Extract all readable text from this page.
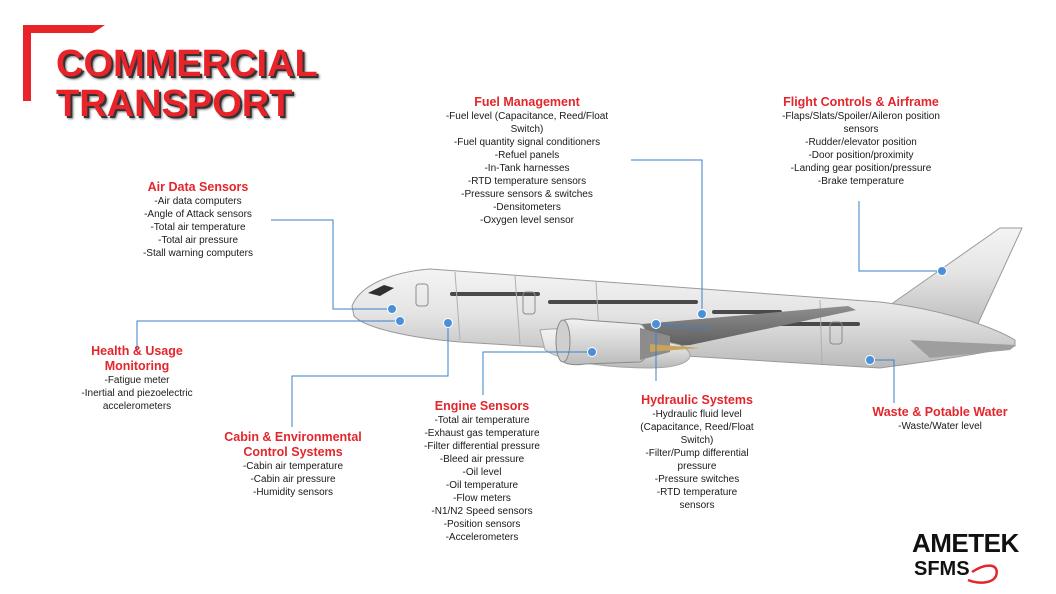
COMMERCIAL
TRANSPORT	Fuel Management
-Fuel level (Capacitance, Reed/Float
Switch)
-Fuel quantity signal conditioners
-Refuel panels
-In-Tank harnesses
-RTD temperature sensors
-Pressure sensors & switches
-Densitometers
-Oxygen level sensor
Flight Controls & Airframe
-Flaps/Slats/Spoiler/Aileron position
sensors
-Rudder/elevator position
-Door position/proximity
-Landing gear position/pressure
-Brake temperature
Air Data Sensors
-Air data computers
-Angle of Attack sensors
-Total air temperature
-Total air pressure
-Stall warning computers
Health & Usage
Monitoring
-Fatigue meter
-Inertial and piezoelectric
accelerometers
Cabin & Environmental
Control Systems
-Cabin air temperature
-Cabin air pressure
-Humidity sensors
Engine Sensors
-Total air temperature
-Exhaust gas temperature
-Filter differential pressure
-Bleed air pressure
-Oil level
-Oil temperature
-Flow meters
-N1/N2 Speed sensors
-Position sensors
-Accelerometers
Hydraulic Systems
-Hydraulic fluid level
(Capacitance, Reed/Float
Switch)
-Filter/Pump differential
pressure
-Pressure switches
-RTD temperature
sensors
Waste & Potable Water
-Waste/Water level
AMETEK
SFMS
